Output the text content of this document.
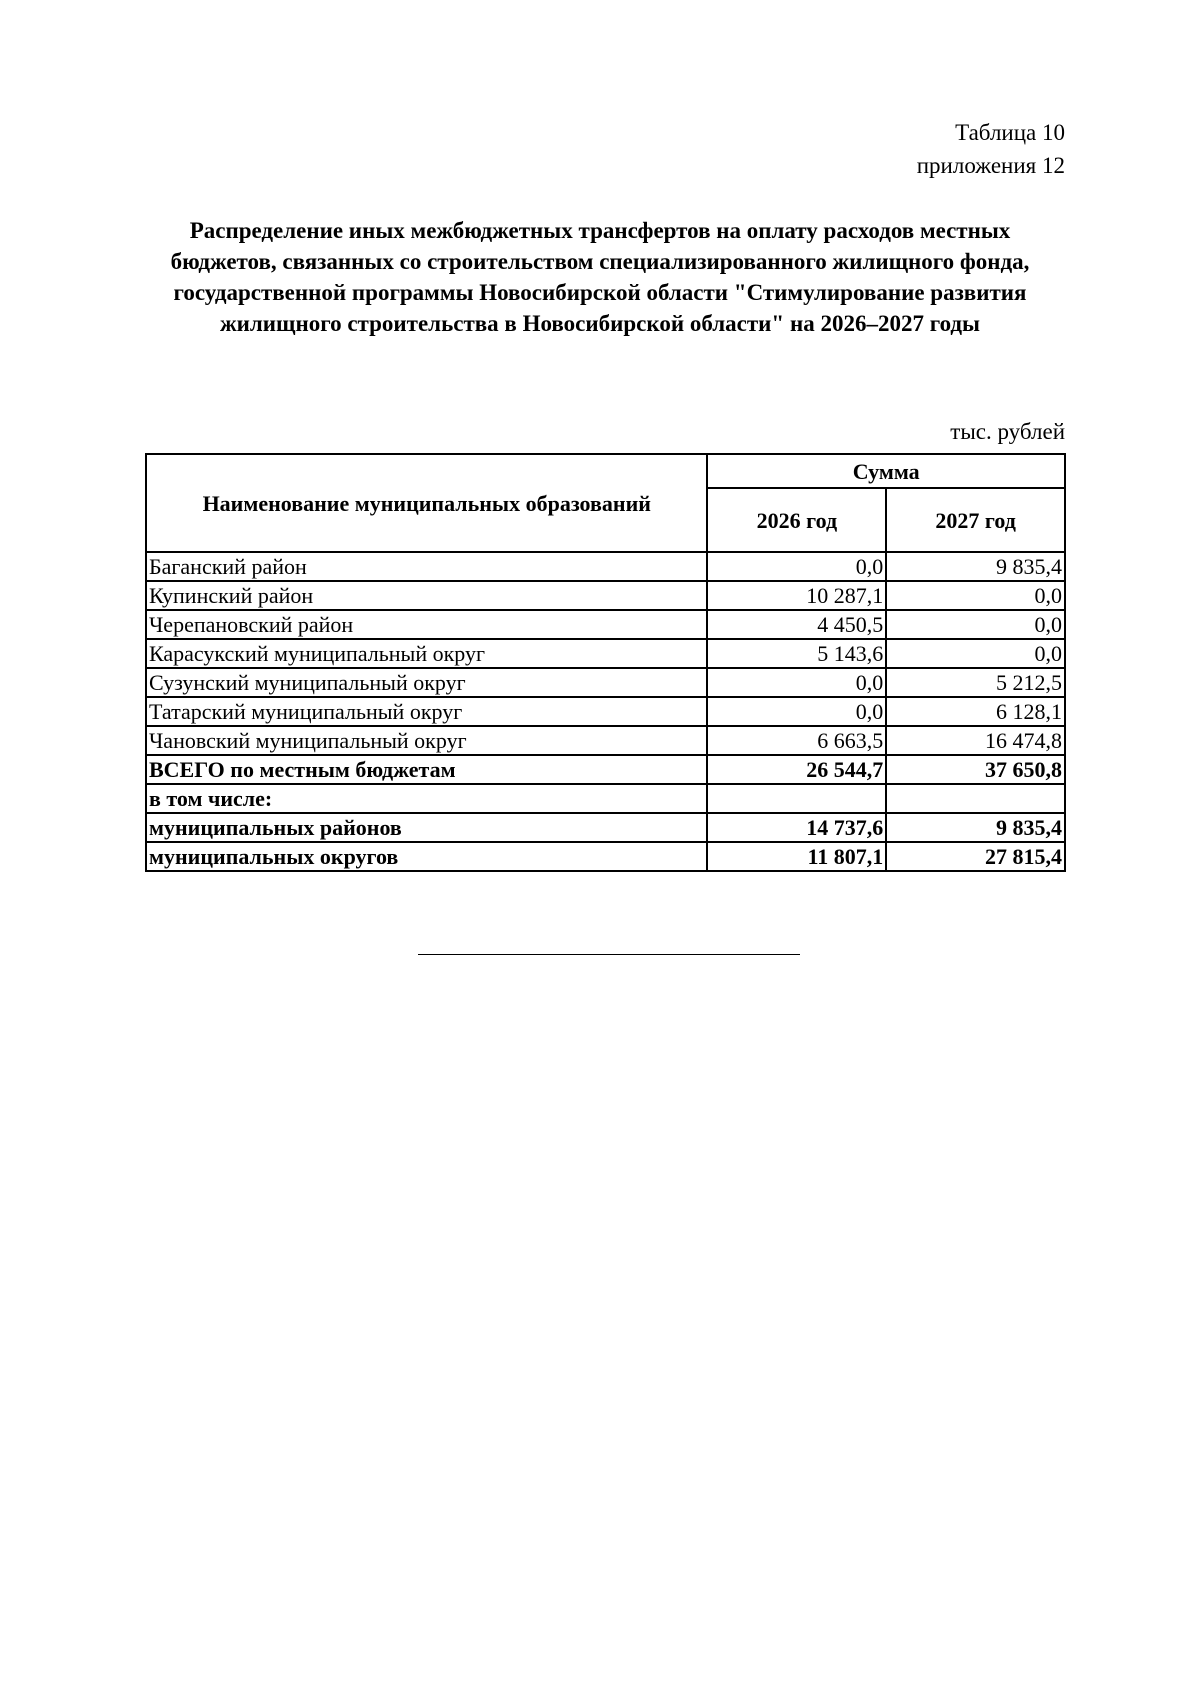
Таблица 10
приложения 12

Распределение иных межбюджетных трансфертов на оплату расходов местных бюджетов, связанных со строительством специализированного жилищного фонда, государственной программы Новосибирской области "Стимулирование развития жилищного строительства в Новосибирской области" на 2026–2027 годы

тыс. рублей
Наименование муниципальных образований	Сумма	
	2026 год	2027 год
Баганский район	0,0	9 835,4
Купинский район	10 287,1	0,0
Черепановский район	4 450,5	0,0
Карасукский муниципальный округ	5 143,6	0,0
Сузунский муниципальный округ	0,0	5 212,5
Татарский муниципальный округ	0,0	6 128,1
Чановский муниципальный округ	6 663,5	16 474,8
ВСЕГО по местным бюджетам	26 544,7	37 650,8
в том числе:		
муниципальных районов	14 737,6	9 835,4
муниципальных округов	11 807,1	27 815,4
